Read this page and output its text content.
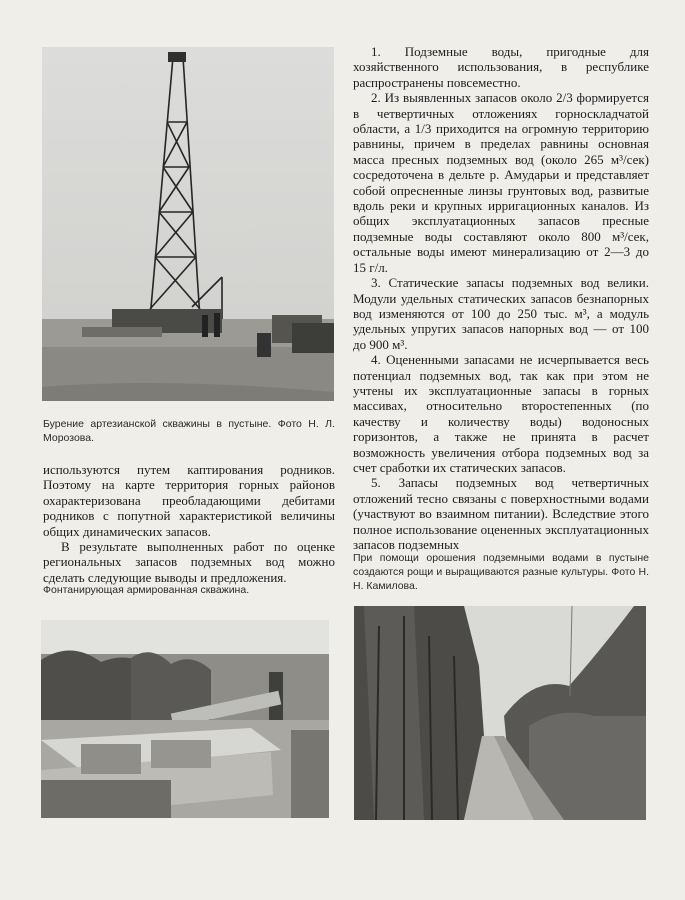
Бурение артезианской скважины в пустыне. Фото Н. Л. Морозова.

используются путем каптирования родников. Поэтому на карте территория горных районов охарактеризована преобладающими дебитами родников с попутной характеристикой величины общих динамических запасов.

В результате выполненных работ по оценке региональных запасов подземных вод можно сделать следующие выводы и предложения.

Фонтанирующая армированная скважина.

1. Подземные воды, пригодные для хозяйственного использования, в республике распространены повсеместно.

2. Из выявленных запасов около 2/3 формируется в четвертичных отложениях горноскладчатой области, а 1/3 приходится на огромную территорию равнины, причем в пределах равнины основная масса пресных подземных вод (около 265 м³/сек) сосредоточена в дельте р. Амударьи и представляет собой опресненные линзы грунтовых вод, развитые вдоль реки и крупных ирригационных каналов. Из общих эксплуатационных запасов пресные подземные воды составляют около 800 м³/сек, остальные воды имеют минерализацию от 2—3 до 15 г/л.

3. Статические запасы подземных вод велики. Модули удельных статических запасов безнапорных вод изменяются от 100 до 250 тыс. м³, а модуль удельных упругих запасов напорных вод — от 100 до 900 м³.

4. Оцененными запасами не исчерпывается весь потенциал подземных вод, так как при этом не учтены их эксплуатационные запасы в горных массивах, относительно второстепенных (по качеству и количеству воды) водоносных горизонтов, а также не принята в расчет возможность увеличения отбора подземных вод за счет сработки их статических запасов.

5. Запасы подземных вод четвертичных отложений тесно связаны с поверхностными водами (участвуют во взаимном питании). Вследствие этого полное использование оцененных эксплуатационных запасов подземных

При помощи орошения подземными водами в пустыне создаются рощи и выращиваются разные культуры. Фото Н. Н. Камилова.
